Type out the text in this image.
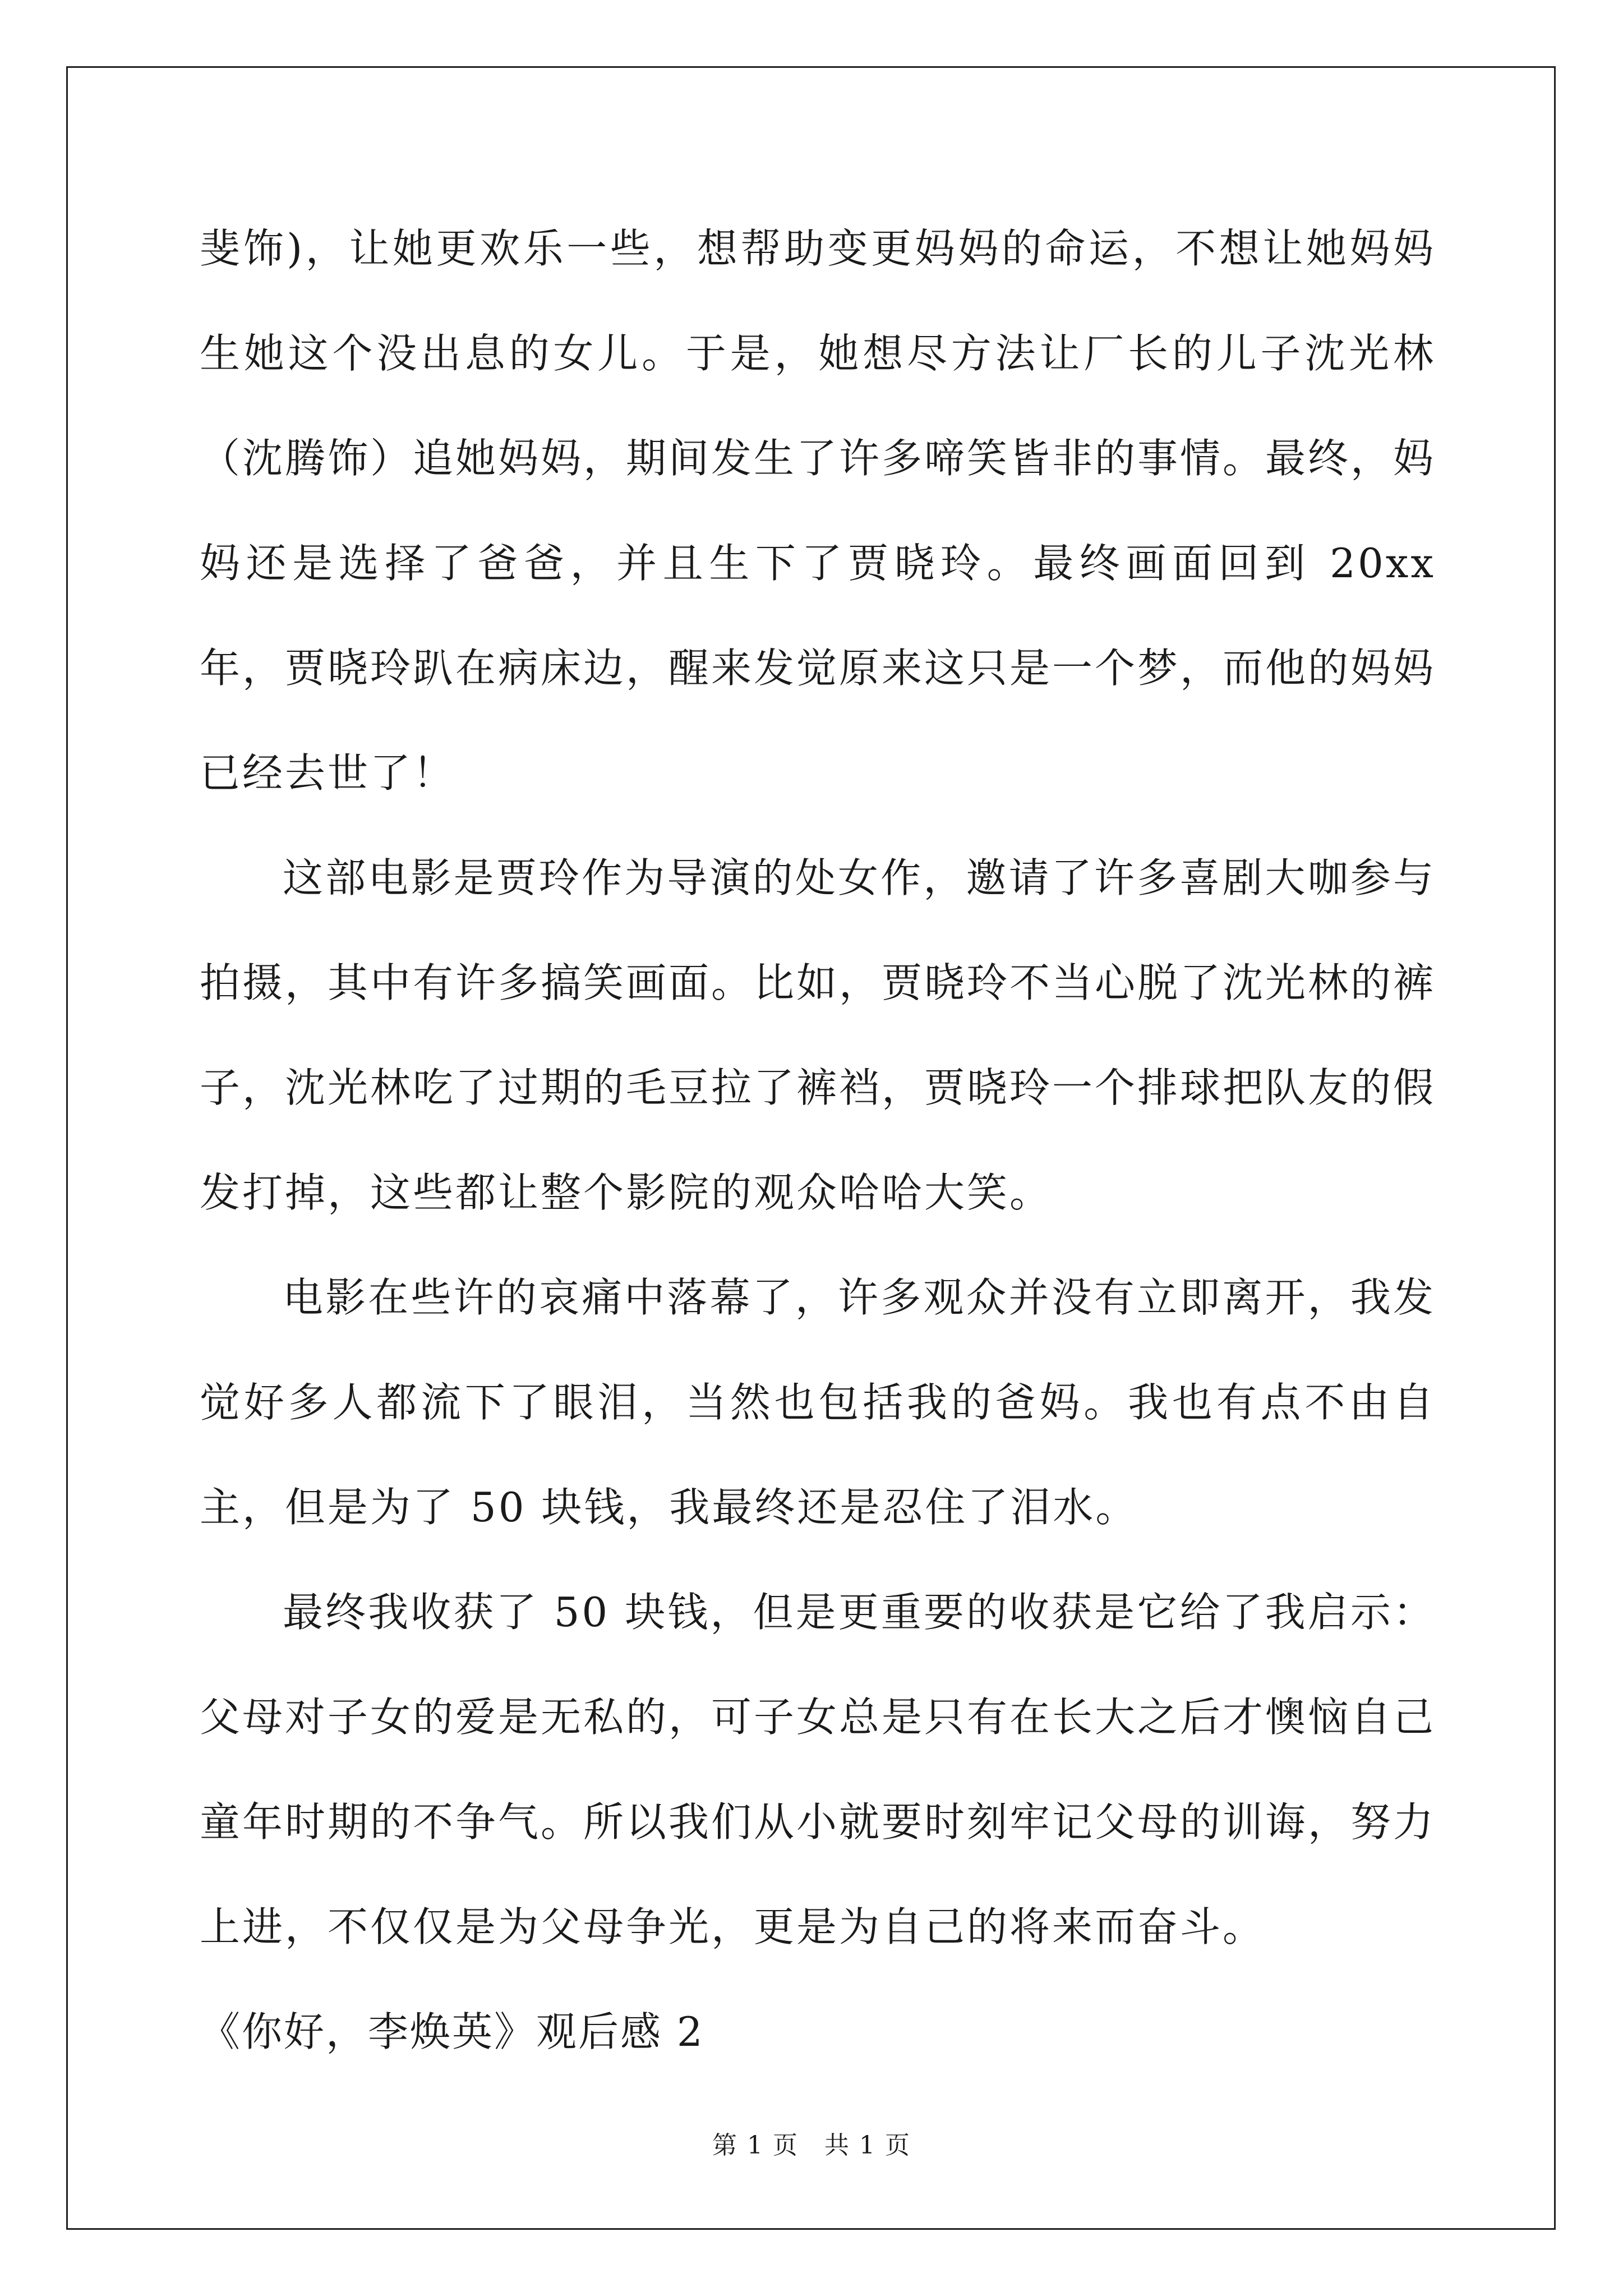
斐饰)，让她更欢乐一些，想帮助变更妈妈的命运，不想让她妈妈生她这个没出息的女儿。于是，她想尽方法让厂长的儿子沈光林（沈腾饰）追她妈妈，期间发生了许多啼笑皆非的事情。最终，妈妈还是选择了爸爸，并且生下了贾晓玲。最终画面回到 20xx 年，贾晓玲趴在病床边，醒来发觉原来这只是一个梦，而他的妈妈已经去世了！

这部电影是贾玲作为导演的处女作，邀请了许多喜剧大咖参与拍摄，其中有许多搞笑画面。比如，贾晓玲不当心脱了沈光林的裤子，沈光林吃了过期的毛豆拉了裤裆，贾晓玲一个排球把队友的假发打掉，这些都让整个影院的观众哈哈大笑。

电影在些许的哀痛中落幕了，许多观众并没有立即离开，我发觉好多人都流下了眼泪，当然也包括我的爸妈。我也有点不由自主，但是为了 50 块钱，我最终还是忍住了泪水。

最终我收获了 50 块钱，但是更重要的收获是它给了我启示：父母对子女的爱是无私的，可子女总是只有在长大之后才懊恼自己童年时期的不争气。所以我们从小就要时刻牢记父母的训诲，努力上进，不仅仅是为父母争光，更是为自己的将来而奋斗。

《你好，李焕英》观后感 2

第 1 页 共 1 页
